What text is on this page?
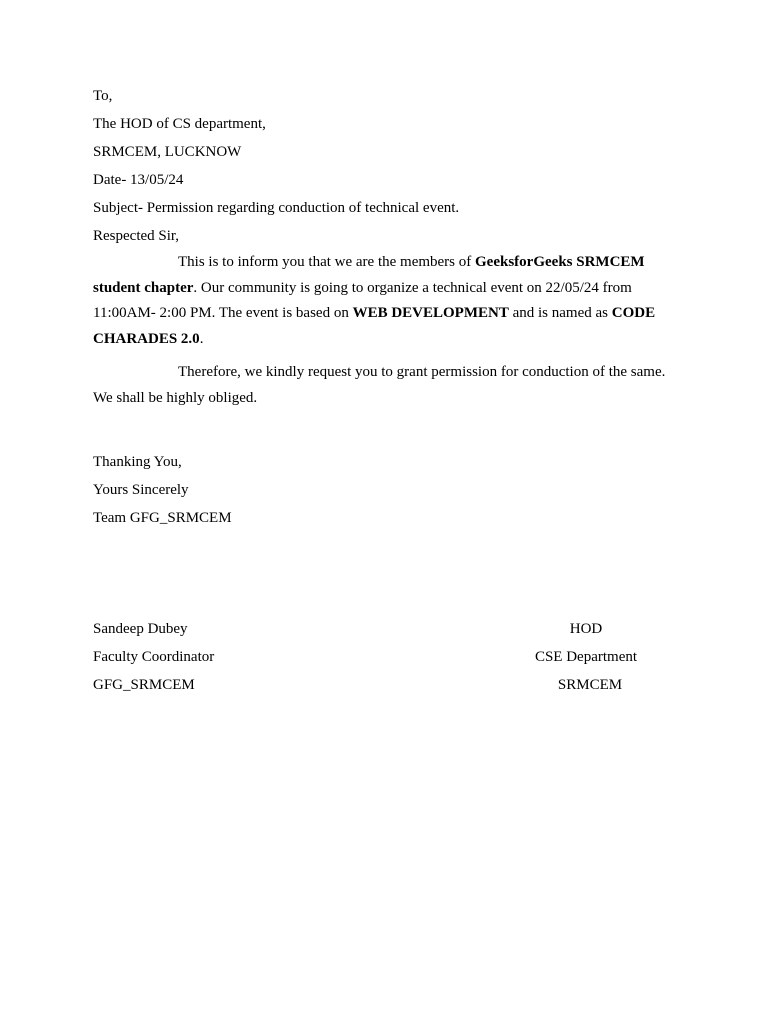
To,
The HOD of CS department,
SRMCEM, LUCKNOW
Date- 13/05/24
Subject- Permission regarding conduction of technical event.
Respected Sir,
This is to inform you that we are the members of GeeksforGeeks SRMCEM student chapter. Our community is going to organize a technical event on 22/05/24 from 11:00AM- 2:00 PM. The event is based on WEB DEVELOPMENT and is named as CODE CHARADES 2.0.
Therefore, we kindly request you to grant permission for conduction of the same. We shall be highly obliged.
Thanking You,
Yours Sincerely
Team GFG_SRMCEM
Sandeep Dubey
Faculty Coordinator
GFG_SRMCEM
HOD
CSE Department
SRMCEM
